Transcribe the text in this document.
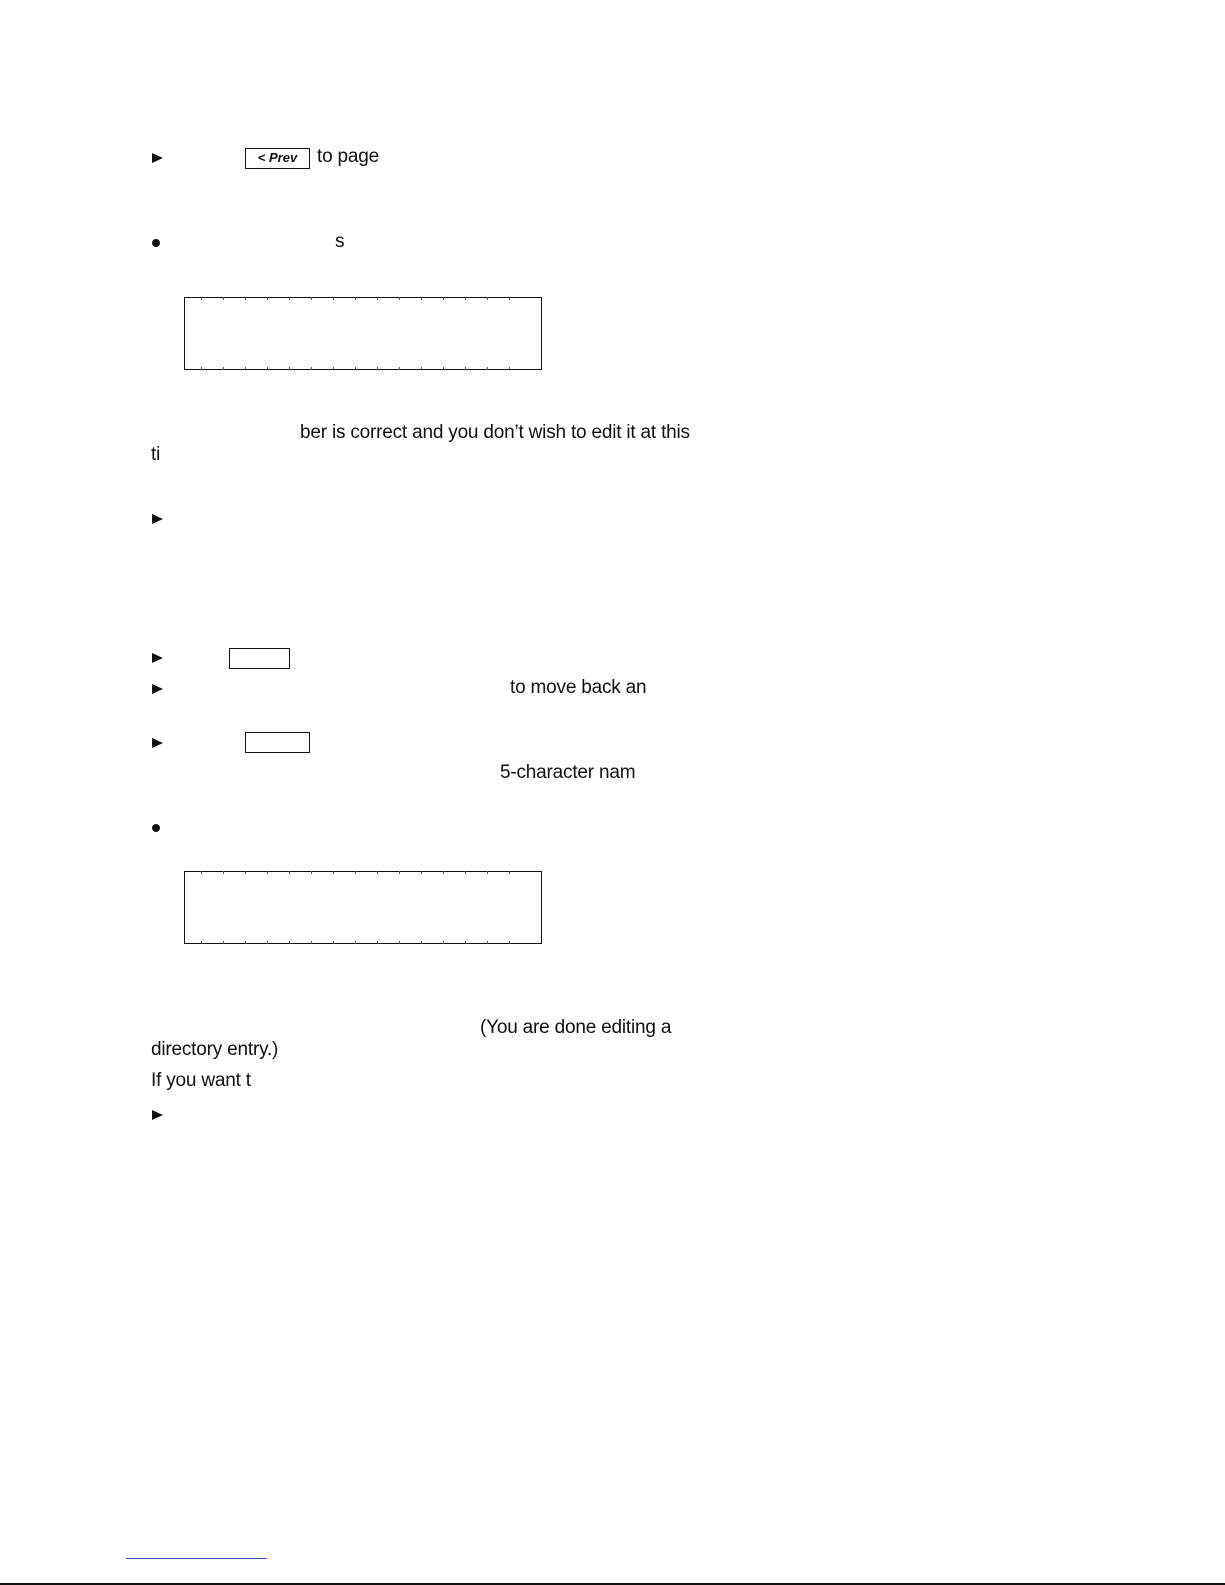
< Prev	to page
s
ber is correct and you don’t wish to edit it at this
ti
to move back an
5-character nam
(You are done editing a
directory entry.)
If you want t
